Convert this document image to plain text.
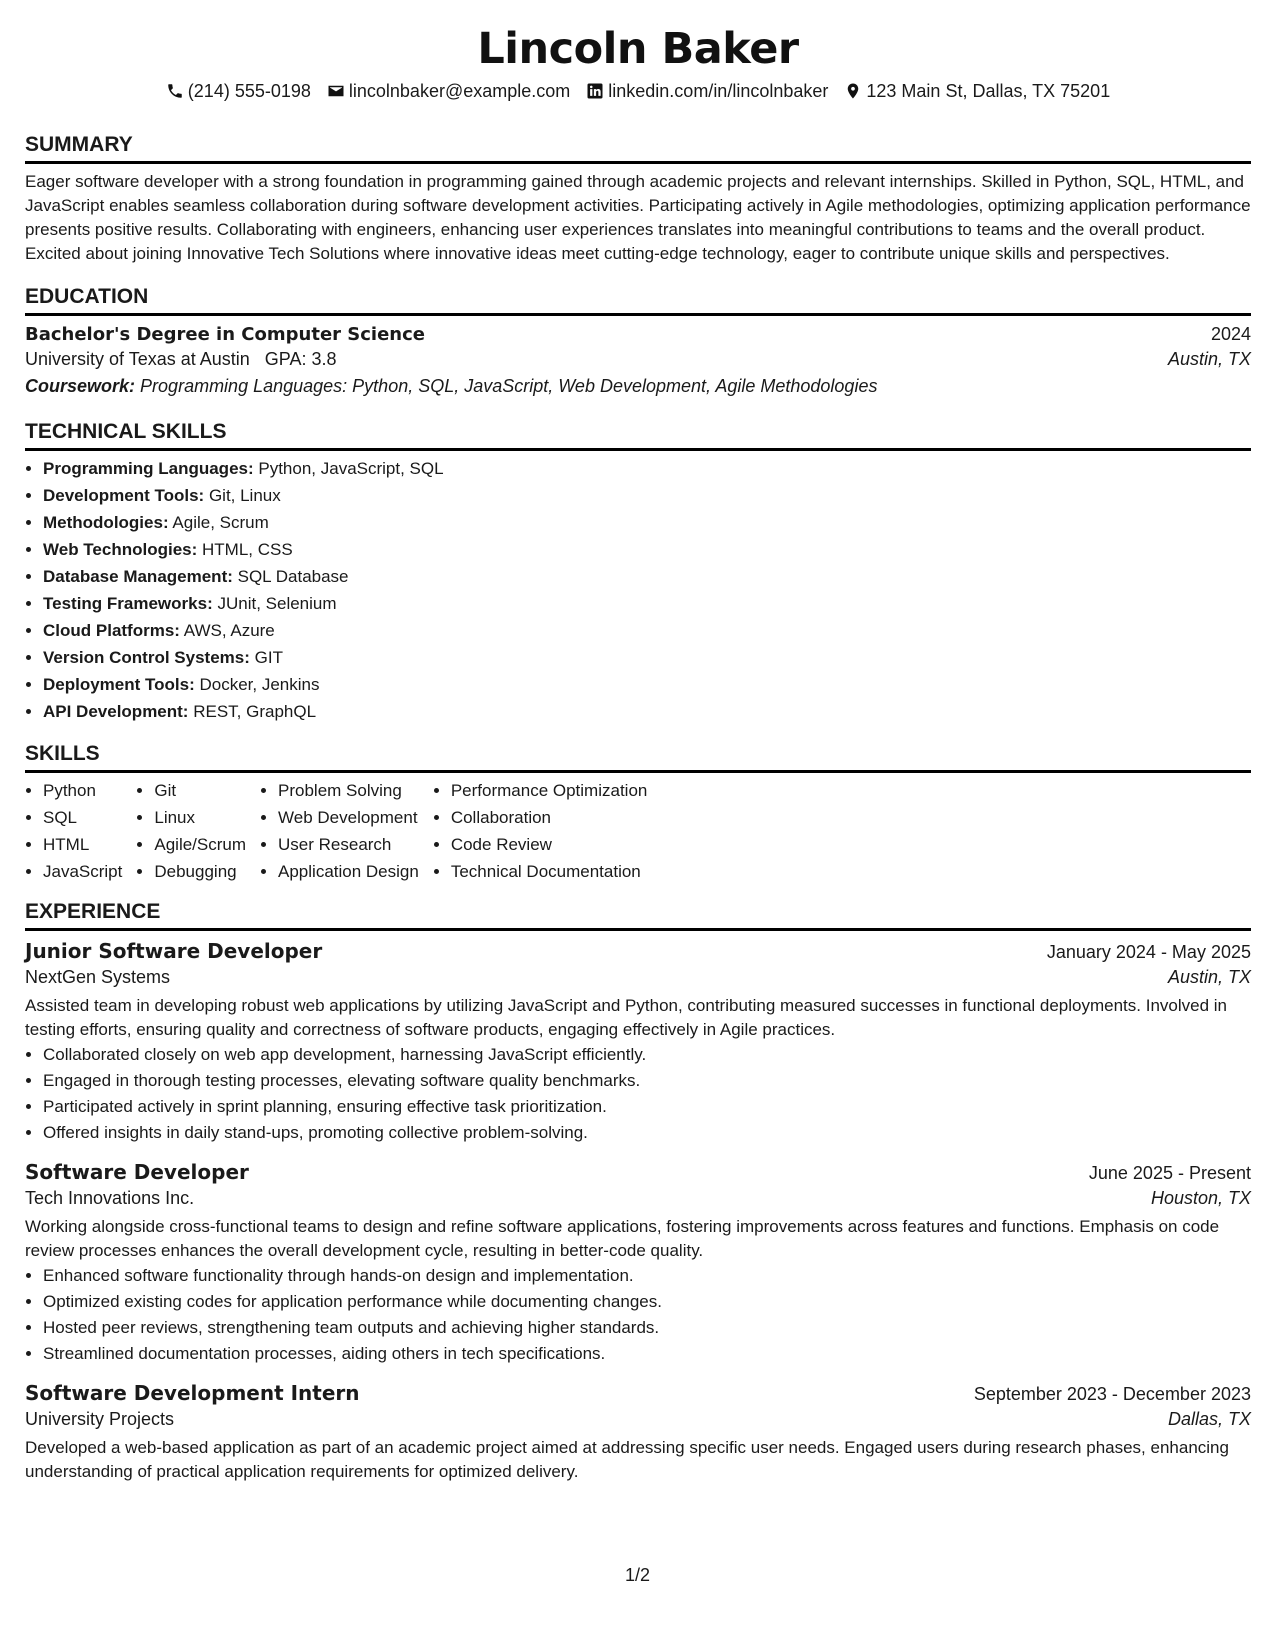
Lincoln Baker
(214) 555-0198 lincolnbaker@example.com linkedin.com/in/lincolnbaker 123 Main St, Dallas, TX 75201
SUMMARY
Eager software developer with a strong foundation in programming gained through academic projects and relevant internships. Skilled in Python, SQL, HTML, and JavaScript enables seamless collaboration during software development activities. Participating actively in Agile methodologies, optimizing application performance presents positive results. Collaborating with engineers, enhancing user experiences translates into meaningful contributions to teams and the overall product. Excited about joining Innovative Tech Solutions where innovative ideas meet cutting-edge technology, eager to contribute unique skills and perspectives.
EDUCATION
Bachelor's Degree in Computer Science	2024
University of Texas at Austin GPA: 3.8	Austin, TX
Coursework: Programming Languages: Python, SQL, JavaScript, Web Development, Agile Methodologies
TECHNICAL SKILLS
• Programming Languages: Python, JavaScript, SQL
• Development Tools: Git, Linux
• Methodologies: Agile, Scrum
• Web Technologies: HTML, CSS
• Database Management: SQL Database
• Testing Frameworks: JUnit, Selenium
• Cloud Platforms: AWS, Azure
• Version Control Systems: GIT
• Deployment Tools: Docker, Jenkins
• API Development: REST, GraphQL
SKILLS
• Python
• SQL
• HTML
• JavaScript
• Git
• Linux
• Agile/Scrum
• Debugging
• Problem Solving
• Web Development
• User Research
• Application Design
• Performance Optimization
• Collaboration
• Code Review
• Technical Documentation
EXPERIENCE
Junior Software Developer	January 2024 - May 2025
NextGen Systems	Austin, TX
Assisted team in developing robust web applications by utilizing JavaScript and Python, contributing measured successes in functional deployments. Involved in testing efforts, ensuring quality and correctness of software products, engaging effectively in Agile practices.
• Collaborated closely on web app development, harnessing JavaScript efficiently.
• Engaged in thorough testing processes, elevating software quality benchmarks.
• Participated actively in sprint planning, ensuring effective task prioritization.
• Offered insights in daily stand-ups, promoting collective problem-solving.
Software Developer	June 2025 - Present
Tech Innovations Inc.	Houston, TX
Working alongside cross-functional teams to design and refine software applications, fostering improvements across features and functions. Emphasis on code review processes enhances the overall development cycle, resulting in better-code quality.
• Enhanced software functionality through hands-on design and implementation.
• Optimized existing codes for application performance while documenting changes.
• Hosted peer reviews, strengthening team outputs and achieving higher standards.
• Streamlined documentation processes, aiding others in tech specifications.
Software Development Intern	September 2023 - December 2023
University Projects	Dallas, TX
Developed a web-based application as part of an academic project aimed at addressing specific user needs. Engaged users during research phases, enhancing understanding of practical application requirements for optimized delivery.
1/2
